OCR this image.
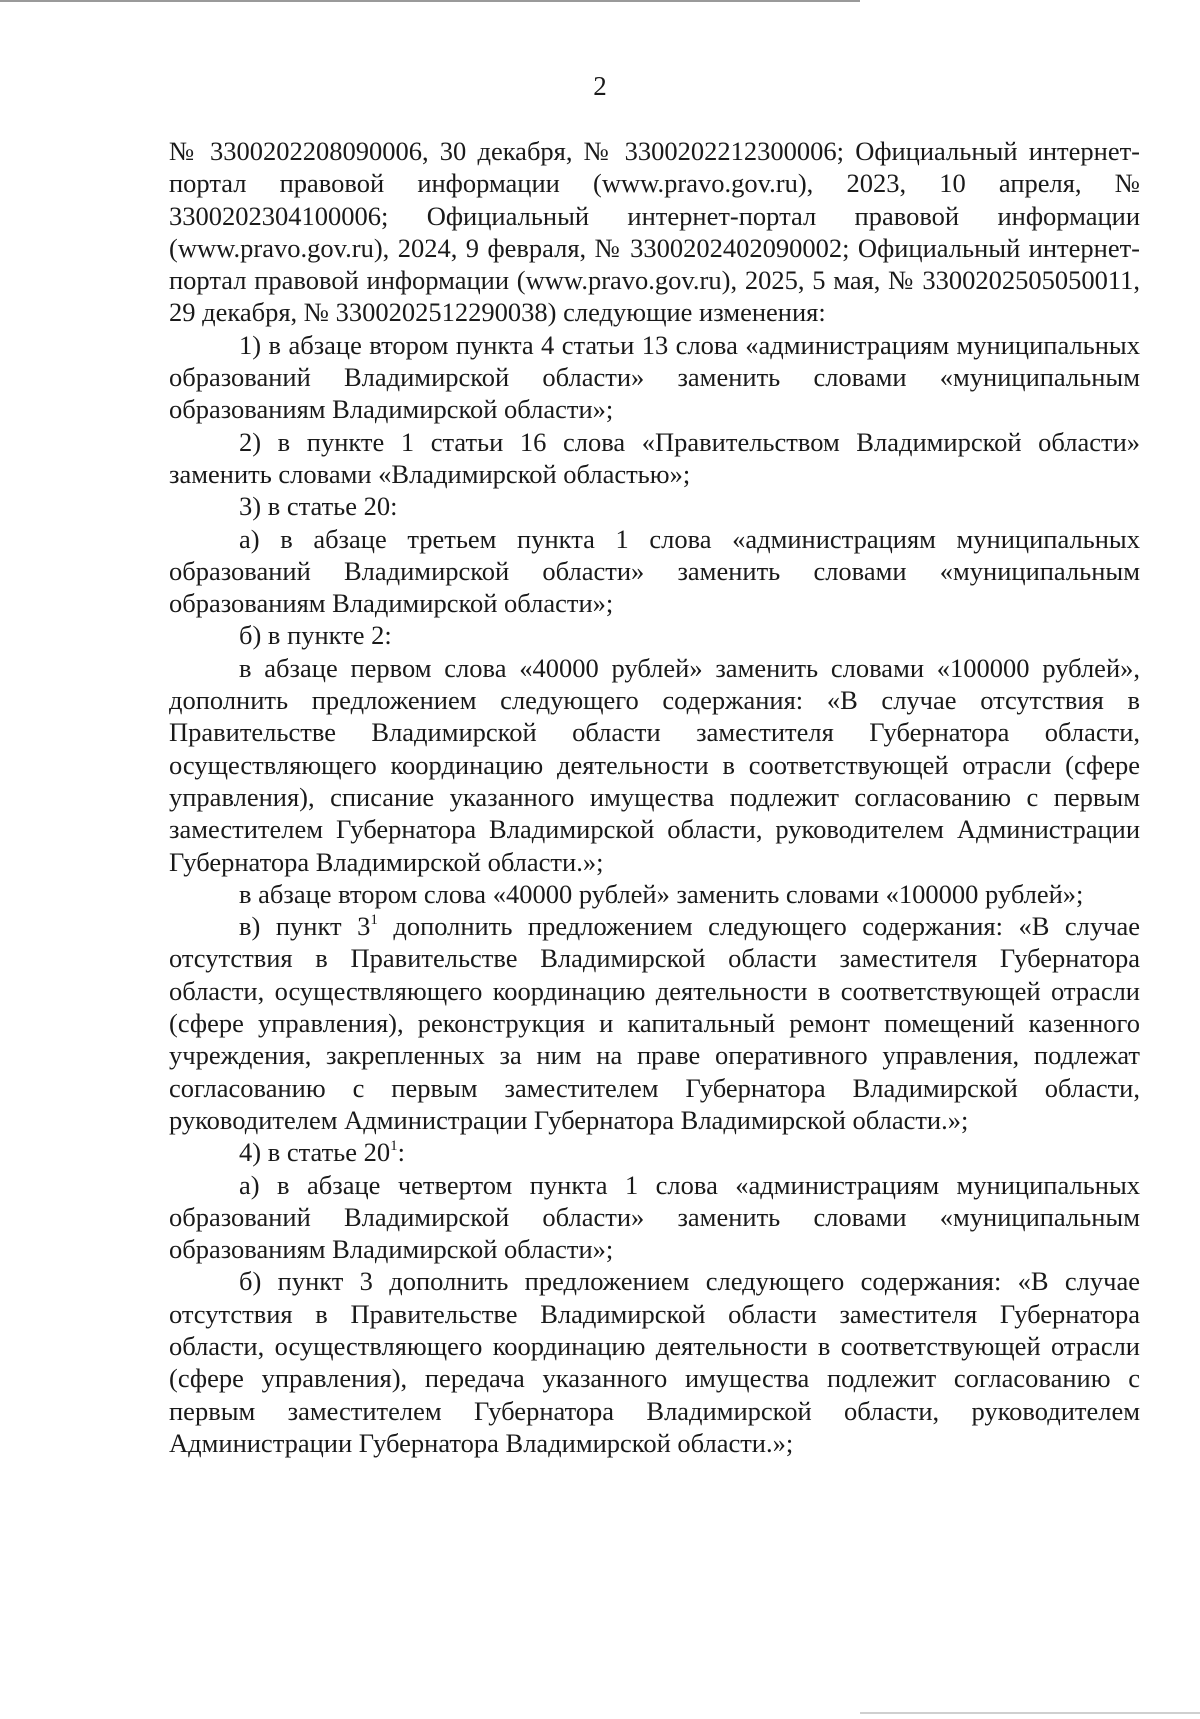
2

№ 3300202208090006, 30 декабря, № 3300202212300006; Официальный интернет-портал правовой информации (www.pravo.gov.ru), 2023, 10 апреля, № 3300202304100006; Официальный интернет-портал правовой информации (www.pravo.gov.ru), 2024, 9 февраля, № 3300202402090002; Официальный интернет-портал правовой информации (www.pravo.gov.ru), 2025, 5 мая, № 3300202505050011, 29 декабря, № 3300202512290038) следующие изменения:

1) в абзаце втором пункта 4 статьи 13 слова «администрациям муниципальных образований Владимирской области» заменить словами «муниципальным образованиям Владимирской области»;

2) в пункте 1 статьи 16 слова «Правительством Владимирской области» заменить словами «Владимирской областью»;

3) в статье 20:

а) в абзаце третьем пункта 1 слова «администрациям муниципальных образований Владимирской области» заменить словами «муниципальным образованиям Владимирской области»;

б) в пункте 2:

в абзаце первом слова «40000 рублей» заменить словами «100000 рублей», дополнить предложением следующего содержания: «В случае отсутствия в Правительстве Владимирской области заместителя Губернатора области, осуществляющего координацию деятельности в соответствующей отрасли (сфере управления), списание указанного имущества подлежит согласованию с первым заместителем Губернатора Владимирской области, руководителем Администрации Губернатора Владимирской области.»;

в абзаце втором слова «40000 рублей» заменить словами «100000 рублей»;

в) пункт $3^1$ дополнить предложением следующего содержания: «В случае отсутствия в Правительстве Владимирской области заместителя Губернатора области, осуществляющего координацию деятельности в соответствующей отрасли (сфере управления), реконструкция и капитальный ремонт помещений казенного учреждения, закрепленных за ним на праве оперативного управления, подлежат согласованию с первым заместителем Губернатора Владимирской области, руководителем Администрации Губернатора Владимирской области.»;

4) в статье $20^1$:

а) в абзаце четвертом пункта 1 слова «администрациям муниципальных образований Владимирской области» заменить словами «муниципальным образованиям Владимирской области»;

б) пункт 3 дополнить предложением следующего содержания: «В случае отсутствия в Правительстве Владимирской области заместителя Губернатора области, осуществляющего координацию деятельности в соответствующей отрасли (сфере управления), передача указанного имущества подлежит согласованию с первым заместителем Губернатора Владимирской области, руководителем Администрации Губернатора Владимирской области.»;
